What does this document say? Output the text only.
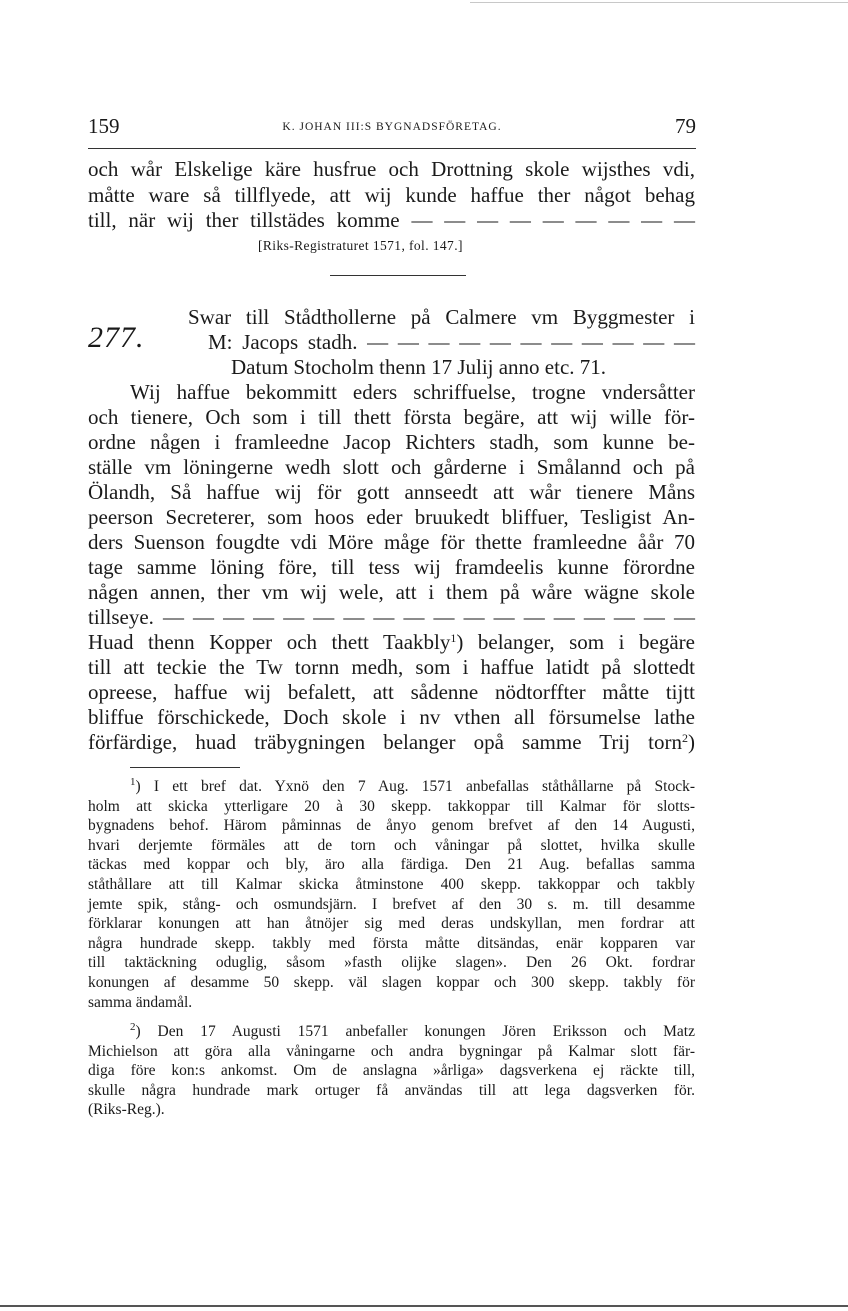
159	K. JOHAN III:S BYGNADSFÖRETAG.	79
och wår Elskelige käre husfrue och Drottning skole wijsthes vdi,
måtte ware så tillflyede, att wij kunde haffue ther något behag
till, när wij ther tillstädes komme — — — — — — — — —
[Riks-Registraturet 1571, fol. 147.]
277.
Swar till Stådthollerne på Calmere vm Byggmester i
M: Jacops stadh. — — — — — — — — — — —
Datum Stocholm thenn 17 Julij anno etc. 71.
Wij haffue bekommitt eders schriffuelse, trogne vndersåtter
och tienere, Och som i till thett första begäre, att wij wille för-
ordne någen i framleedne Jacop Richters stadh, som kunne be-
ställe vm löningerne wedh slott och gårderne i Smålannd och på
Ölandh, Så haffue wij för gott annseedt att wår tienere Måns
peerson Secreterer, som hoos eder bruukedt bliffuer, Tesligist An-
ders Suenson fougdte vdi Möre måge för thette framleedne åår 70
tage samme löning före, till tess wij framdeelis kunne förordne
någen annen, ther vm wij wele, att i them på wåre wägne skole
tillseye. — — — — — — — — — — — — — — — — — —
Huad thenn Kopper och thett Taakbly$^1$) belanger, som i begäre
till att teckie the Tw tornn medh, som i haffue latidt på slottedt
opreese, haffue wij befalett, att sådenne nödtorffter måtte tijtt
bliffue förschickede, Doch skole i nv vthen all försumelse lathe
förfärdige, huad träbygningen belanger opå samme Trij torn$^2$)
$^1$) I ett bref dat. Yxnö den 7 Aug. 1571 anbefallas ståthållarne på Stock-
holm att skicka ytterligare 20 à 30 skepp. takkoppar till Kalmar för slotts-
bygnadens behof. Härom påminnas de ånyo genom brefvet af den 14 Augusti,
hvari derjemte förmäles att de torn och våningar på slottet, hvilka skulle
täckas med koppar och bly, äro alla färdiga. Den 21 Aug. befallas samma
ståthållare att till Kalmar skicka åtminstone 400 skepp. takkoppar och takbly
jemte spik, stång- och osmundsjärn. I brefvet af den 30 s. m. till desamme
förklarar konungen att han åtnöjer sig med deras undskyllan, men fordrar att
några hundrade skepp. takbly med första måtte ditsändas, enär kopparen var
till taktäckning oduglig, såsom »fasth olijke slagen». Den 26 Okt. fordrar
konungen af desamme 50 skepp. väl slagen koppar och 300 skepp. takbly för
samma ändamål.
$^2$) Den 17 Augusti 1571 anbefaller konungen Jören Eriksson och Matz
Michielson att göra alla våningarne och andra bygningar på Kalmar slott fär-
diga före kon:s ankomst. Om de anslagna »årliga» dagsverkena ej räckte till,
skulle några hundrade mark ortuger få användas till att lega dagsverken för.
(Riks-Reg.).
